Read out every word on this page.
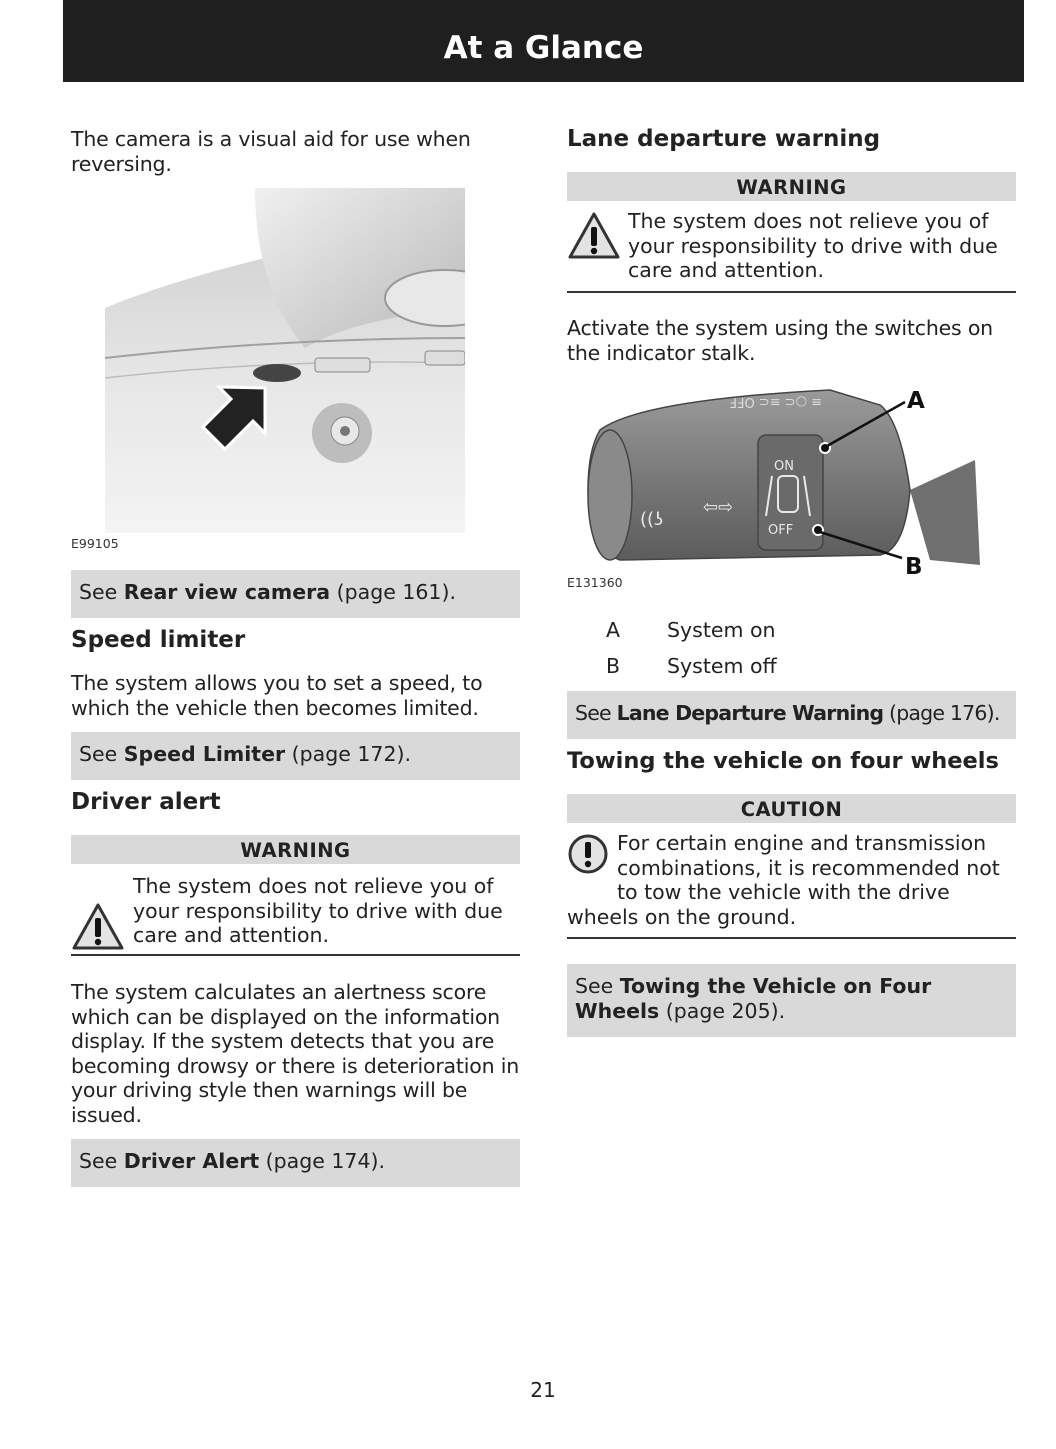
At a Glance

The camera is a visual aid for use when reversing.

E99105
See Rear view camera (page 161).
Speed limiter

The system allows you to set a speed, to which the vehicle then becomes limited.

See Speed Limiter (page 172).
Driver alert
WARNING
The system does not relieve you of your responsibility to drive with due care and attention.

The system calculates an alertness score which can be displayed on the information display. If the system detects that you are becoming drowsy or there is deterioration in your driving style then warnings will be issued.

See Driver Alert (page 174).
Lane departure warning
WARNING
The system does not relieve you of your responsibility to drive with due care and attention.

Activate the system using the switches on the indicator stalk.

≡ ○⊂ ≡⊂ OFF
ON
OFF
⇦⇨
((ʖ
A
B
E131360
A System on
B System off
See Lane Departure Warning (page 176).
Towing the vehicle on four wheels
CAUTION
For certain engine and transmission combinations, it is recommended not to tow the vehicle with the drive wheels on the ground.
See Towing the Vehicle on Four Wheels (page 205).
21
